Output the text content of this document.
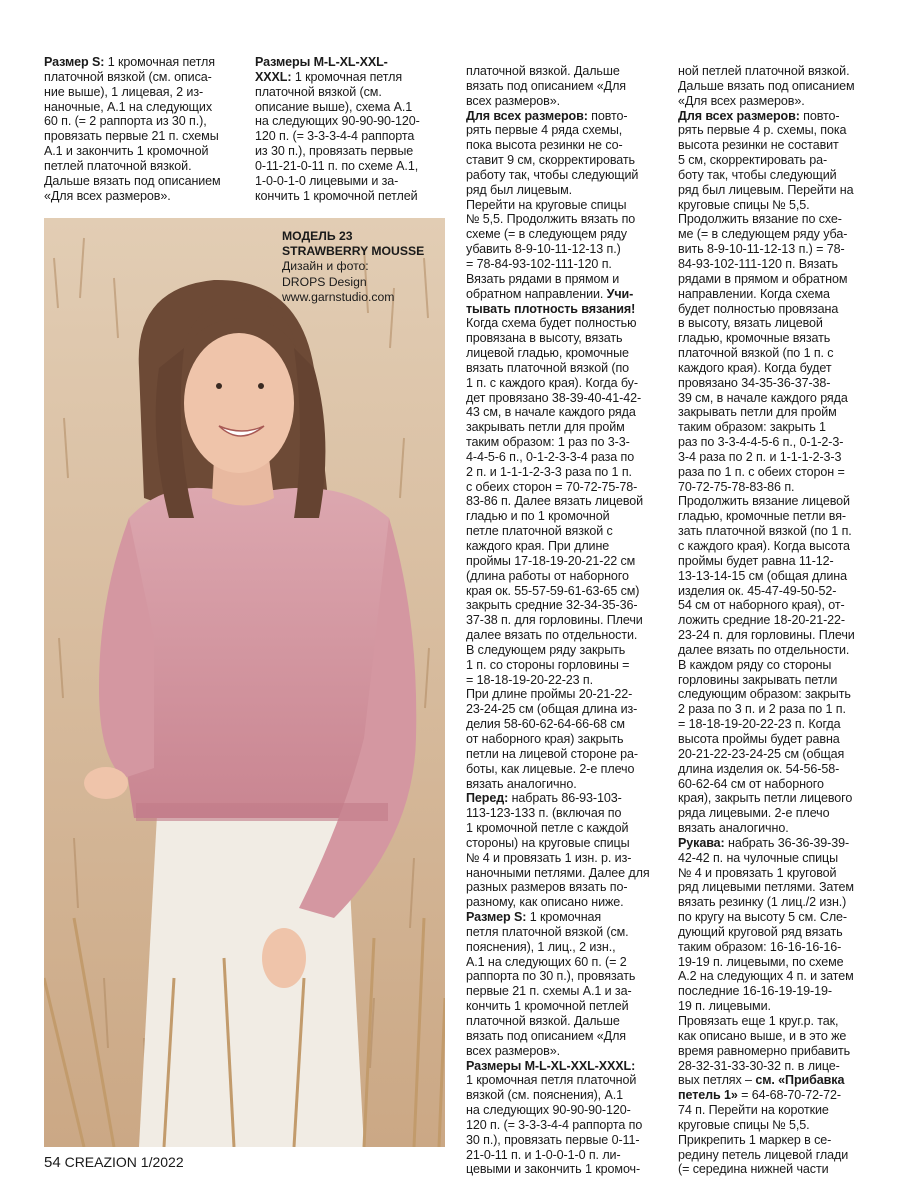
Размер S: 1 кромочная петля

платочной вязкой (см. описа-

ние выше), 1 лицевая, 2 из-

наночные, А.1 на следующих

60 п. (= 2 раппорта из 30 п.),

провязать первые 21 п. схемы

А.1 и закончить 1 кромочной

петлей платочной вязкой.

Дальше вязать под описанием

«Для всех размеров».

Размеры M-L-XL-XXL-

XXXL: 1 кромочная петля

платочной вязкой (см.

описание выше), схема А.1

на следующих 90-90-90-120-

120 п. (= 3-3-3-4-4 раппорта

из 30 п.), провязать первые

0-11-21-0-11 п. по схеме А.1,

1-0-0-1-0 лицевыми и за-

кончить 1 кромочной петлей

платочной вязкой. Дальше

вязать под описанием «Для

всех размеров».

Для всех размеров: повто-

рять первые 4 ряда схемы,

пока высота резинки не со-

ставит 9 см, скорректировать

работу так, чтобы следующий

ряд был лицевым.

Перейти на круговые спицы

№ 5,5. Продолжить вязать по

схеме (= в следующем ряду

убавить 8-9-10-11-12-13 п.)

= 78-84-93-102-111-120 п.

Вязать рядами в прямом и

обратном направлении. Учи-

тывать плотность вязания!

Когда схема будет полностью

провязана в высоту, вязать

лицевой гладью, кромочные

вязать платочной вязкой (по

1 п. с каждого края). Когда бу-

дет провязано 38-39-40-41-42-

43 см, в начале каждого ряда

закрывать петли для пройм

таким образом: 1 раз по 3-3-

4-4-5-6 п., 0-1-2-3-3-4 раза по

2 п. и 1-1-1-2-3-3 раза по 1 п.

с обеих сторон = 70-72-75-78-

83-86 п. Далее вязать лицевой

гладью и по 1 кромочной

петле платочной вязкой с

каждого края. При длине

проймы 17-18-19-20-21-22 см

(длина работы от наборного

края ок. 55-57-59-61-63-65 см)

закрыть средние 32-34-35-36-

37-38 п. для горловины. Плечи

далее вязать по отдельности.

В следующем ряду закрыть

1 п. со стороны горловины =

= 18-18-19-20-22-23 п.

При длине проймы 20-21-22-

23-24-25 см (общая длина из-

делия 58-60-62-64-66-68 см

от наборного края) закрыть

петли на лицевой стороне ра-

боты, как лицевые. 2-е плечо

вязать аналогично.

Перед: набрать 86-93-103-

113-123-133 п. (включая по

1 кромочной петле с каждой

стороны) на круговые спицы

№ 4 и провязать 1 изн. р. из-

наночными петлями. Далее для

разных размеров вязать по-

разному, как описано ниже.

Размер S: 1 кромочная

петля платочной вязкой (см.

пояснения), 1 лиц., 2 изн.,

А.1 на следующих 60 п. (= 2

раппорта по 30 п.), провязать

первые 21 п. схемы А.1 и за-

кончить 1 кромочной петлей

платочной вязкой. Дальше

вязать под описанием «Для

всех размеров».

Размеры M-L-XL-XXL-XXXL:

1 кромочная петля платочной

вязкой (см. пояснения), А.1

на следующих 90-90-90-120-

120 п. (= 3-3-3-4-4 раппорта по

30 п.), провязать первые 0-11-

21-0-11 п. и 1-0-0-1-0 п. ли-

цевыми и закончить 1 кромоч-

ной петлей платочной вязкой.

Дальше вязать под описанием

«Для всех размеров».

Для всех размеров: повто-

рять первые 4 р. схемы, пока

высота резинки не составит

5 см, скорректировать ра-

боту так, чтобы следующий

ряд был лицевым. Перейти на

круговые спицы № 5,5.

Продолжить вязание по схе-

ме (= в следующем ряду уба-

вить 8-9-10-11-12-13 п.) = 78-

84-93-102-111-120 п. Вязать

рядами в прямом и обратном

направлении. Когда схема

будет полностью провязана

в высоту, вязать лицевой

гладью, кромочные вязать

платочной вязкой (по 1 п. с

каждого края). Когда будет

провязано 34-35-36-37-38-

39 см, в начале каждого ряда

закрывать петли для пройм

таким образом: закрыть 1

раз по 3-3-4-4-5-6 п., 0-1-2-3-

3-4 раза по 2 п. и 1-1-1-2-3-3

раза по 1 п. с обеих сторон =

70-72-75-78-83-86 п.

Продолжить вязание лицевой

гладью, кромочные петли вя-

зать платочной вязкой (по 1 п.

с каждого края). Когда высота

проймы будет равна 11-12-

13-13-14-15 см (общая длина

изделия ок. 45-47-49-50-52-

54 см от наборного края), от-

ложить средние 18-20-21-22-

23-24 п. для горловины. Плечи

далее вязать по отдельности.

В каждом ряду со стороны

горловины закрывать петли

следующим образом: закрыть

2 раза по 3 п. и 2 раза по 1 п.

= 18-18-19-20-22-23 п. Когда

высота проймы будет равна

20-21-22-23-24-25 см (общая

длина изделия ок. 54-56-58-

60-62-64 см от наборного

края), закрыть петли лицевого

ряда лицевыми. 2-е плечо

вязать аналогично.

Рукава: набрать 36-36-39-39-

42-42 п. на чулочные спицы

№ 4 и провязать 1 круговой

ряд лицевыми петлями. Затем

вязать резинку (1 лиц./2 изн.)

по кругу на высоту 5 см. Сле-

дующий круговой ряд вязать

таким образом: 16-16-16-16-

19-19 п. лицевыми, по схеме

А.2 на следующих 4 п. и затем

последние 16-16-19-19-19-

19 п. лицевыми.

Провязать еще 1 круг.р. так,

как описано выше, и в это же

время равномерно прибавить

28-32-31-33-30-32 п. в лице-

вых петлях – см. «Прибавка

петель 1» = 64-68-70-72-72-

74 п. Перейти на короткие

круговые спицы № 5,5.

Прикрепить 1 маркер в се-

редину петель лицевой глади

(= середина нижней части

МОДЕЛЬ 23
STRAWBERRY MOUSSE
Дизайн и фото:
DROPS Design
www.garnstudio.com
54 CREAZION 1/2022
